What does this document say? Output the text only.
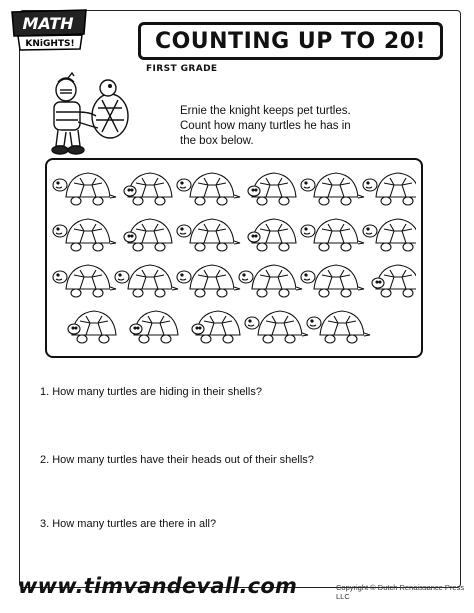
MATH
KNiGHTS!	COUNTING UP TO 20!
FIRST GRADE
Ernie the knight keeps pet turtles.
Count how many turtles he has in
the box below.
1. How many turtles are hiding in their shells?
2. How many turtles have their heads out of their shells?
3. How many turtles are there in all?
www.timvandevall.com	Copyright © Dutch Renaissance Press LLC
